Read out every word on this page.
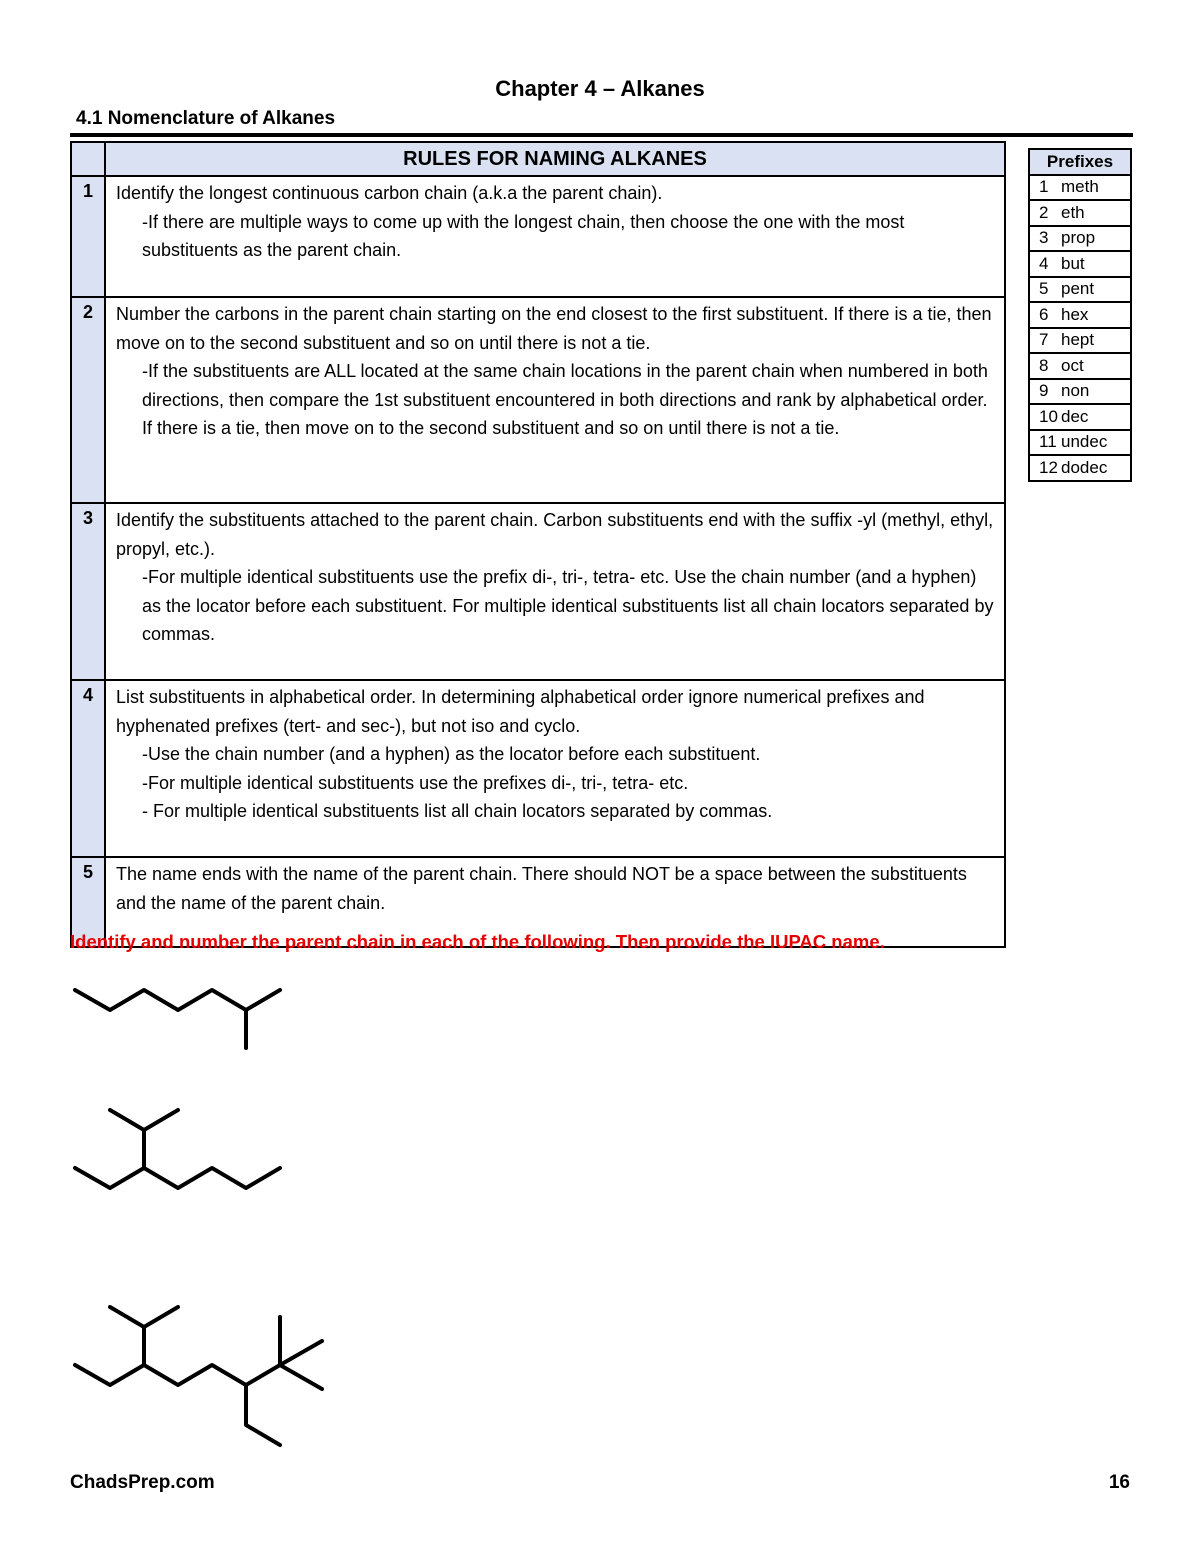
Chapter 4 – Alkanes
4.1 Nomenclature of Alkanes
	RULES FOR NAMING ALKANES
1	Identify the longest continuous carbon chain (a.k.a the parent chain).

-If there are multiple ways to come up with the longest chain, then choose the one with the most substituents as the parent chain.

2	Number the carbons in the parent chain starting on the end closest to the first substituent. If there is a tie, then move on to the second substituent and so on until there is not a tie.

-If the substituents are ALL located at the same chain locations in the parent chain when numbered in both directions, then compare the 1st substituent encountered in both directions and rank by alphabetical order. If there is a tie, then move on to the second substituent and so on until there is not a tie.

3	Identify the substituents attached to the parent chain. Carbon substituents end with the suffix -yl (methyl, ethyl, propyl, etc.).

-For multiple identical substituents use the prefix di-, tri-, tetra- etc. Use the chain number (and a hyphen) as the locator before each substituent. For multiple identical substituents list all chain locators separated by commas.

4	List substituents in alphabetical order. In determining alphabetical order ignore numerical prefixes and hyphenated prefixes (tert- and sec-), but not iso and cyclo.

-Use the chain number (and a hyphen) as the locator before each substituent.

-For multiple identical substituents use the prefixes di-, tri-, tetra- etc.

- For multiple identical substituents list all chain locators separated by commas.

5	The name ends with the name of the parent chain. There should NOT be a space between the substituents and the name of the parent chain.

Prefixes
1 meth
2 eth
3 prop
4 but
5 pent
6 hex
7 hept
8 oct
9 non
10 dec
11 undec
12 dodec
Identify and number the parent chain in each of the following. Then provide the IUPAC name.
ChadsPrep.com	16
